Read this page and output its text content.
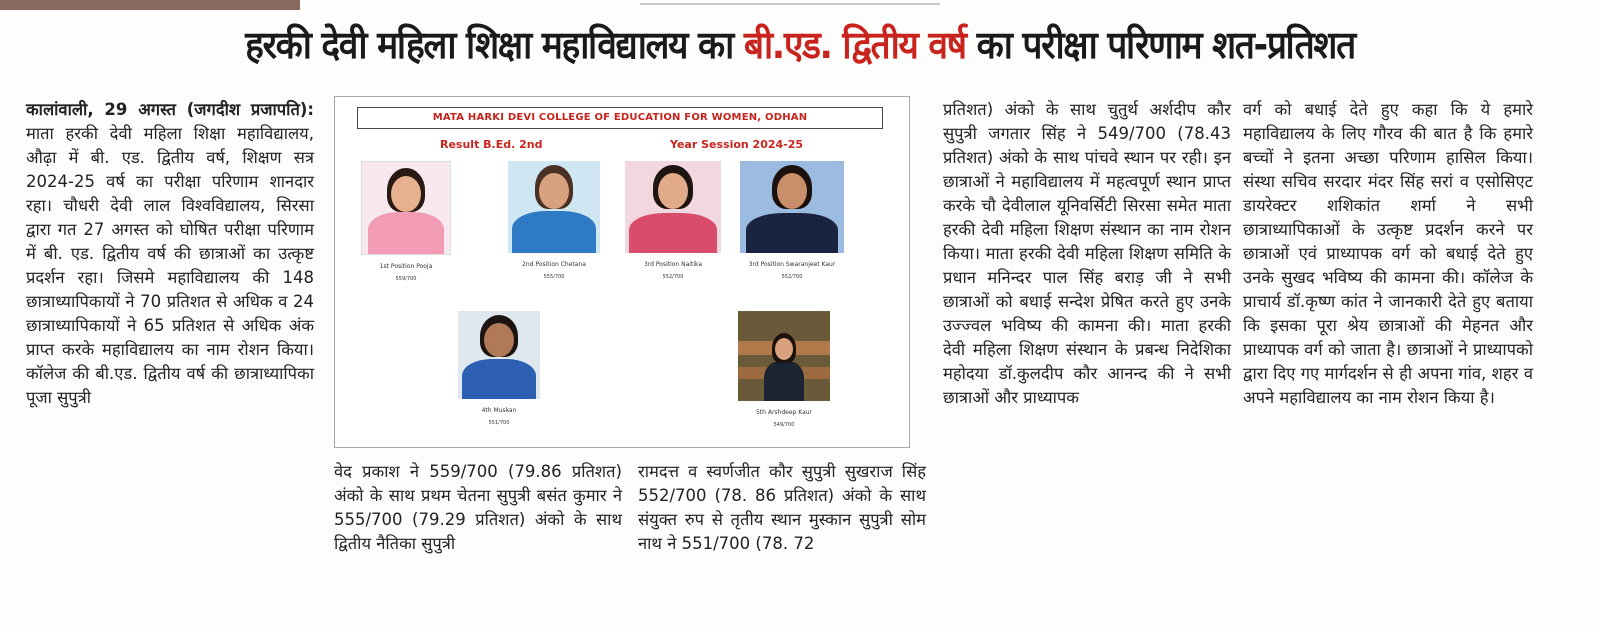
हरकी देवी महिला शिक्षा महाविद्यालय का बी.एड. द्वितीय वर्ष का परीक्षा परिणाम शत-प्रतिशत

कालांवाली, 29 अगस्त (जगदीश प्रजापति): माता हरकी देवी महिला शिक्षा महाविद्यालय, औढ़ा में बी. एड. द्वितीय वर्ष, शिक्षण सत्र 2024-25 वर्ष का परीक्षा परिणाम शानदार रहा। चौधरी देवी लाल विश्वविद्यालय, सिरसा द्वारा गत 27 अगस्त को घोषित परीक्षा परिणाम में बी. एड. द्वितीय वर्ष की छात्राओं का उत्कृष्ट प्रदर्शन रहा। जिसमे महाविद्यालय की 148 छात्राध्यापिकायों ने 70 प्रतिशत से अधिक व 24 छात्राध्यापिकायों ने 65 प्रतिशत से अधिक अंक प्राप्त करके महाविद्यालय का नाम रोशन किया। कॉलेज की बी.एड. द्वितीय वर्ष की छात्राध्यापिका पूजा सुपुत्री

MATA HARKI DEVI COLLEGE OF EDUCATION FOR WOMEN, ODHAN
Result B.Ed. 2nd	Year Session 2024-25
1st Position Pooja
559/700
2nd Position Chetana
555/700
3rd Position Naitika
552/700
3rd Position Swaranjeet Kaur
552/700
4th Muskan
551/700
5th Arshdeep Kaur
549/700

वेद प्रकाश ने 559/700 (79.86 प्रतिशत) अंको के साथ प्रथम चेतना सुपुत्री बसंत कुमार ने 555/700 (79.29 प्रतिशत) अंको के साथ द्वितीय नैतिका सुपुत्री

रामदत्त व स्वर्णजीत कौर सुपुत्री सुखराज सिंह 552/700 (78. 86 प्रतिशत) अंको के साथ संयुक्त रुप से तृतीय स्थान मुस्कान सुपुत्री सोम नाथ ने 551/700 (78. 72

प्रतिशत) अंको के साथ चुतुर्थ अर्शदीप कौर सुपुत्री जगतार सिंह ने 549/700 (78.43 प्रतिशत) अंको के साथ पांचवे स्थान पर रही। इन छात्राओं ने महाविद्यालय में महत्वपूर्ण स्थान प्राप्त करके चौ देवीलाल यूनिवर्सिटी सिरसा समेत माता हरकी देवी महिला शिक्षण संस्थान का नाम रोशन किया। माता हरकी देवी महिला शिक्षण समिति के प्रधान मनिन्दर पाल सिंह बराड़ जी ने सभी छात्राओं को बधाई सन्देश प्रेषित करते हुए उनके उज्ज्वल भविष्य की कामना की। माता हरकी देवी महिला शिक्षण संस्थान के प्रबन्ध निदेशिका महोदया डॉ.कुलदीप कौर आनन्द की ने सभी छात्राओं और प्राध्यापक

वर्ग को बधाई देते हुए कहा कि ये हमारे महाविद्यालय के लिए गौरव की बात है कि हमारे बच्चों ने इतना अच्छा परिणाम हासिल किया। संस्था सचिव सरदार मंदर सिंह सरां व एसोसिएट डायरेक्टर शशिकांत शर्मा ने सभी छात्राध्यापिकाओं के उत्कृष्ट प्रदर्शन करने पर छात्राओं एवं प्राध्यापक वर्ग को बधाई देते हुए उनके सुखद भविष्य की कामना की। कॉलेज के प्राचार्य डॉ.कृष्ण कांत ने जानकारी देते हुए बताया कि इसका पूरा श्रेय छात्राओं की मेहनत और प्राध्यापक वर्ग को जाता है। छात्राओं ने प्राध्यापको द्वारा दिए गए मार्गदर्शन से ही अपना गांव, शहर व अपने महाविद्यालय का नाम रोशन किया है।
